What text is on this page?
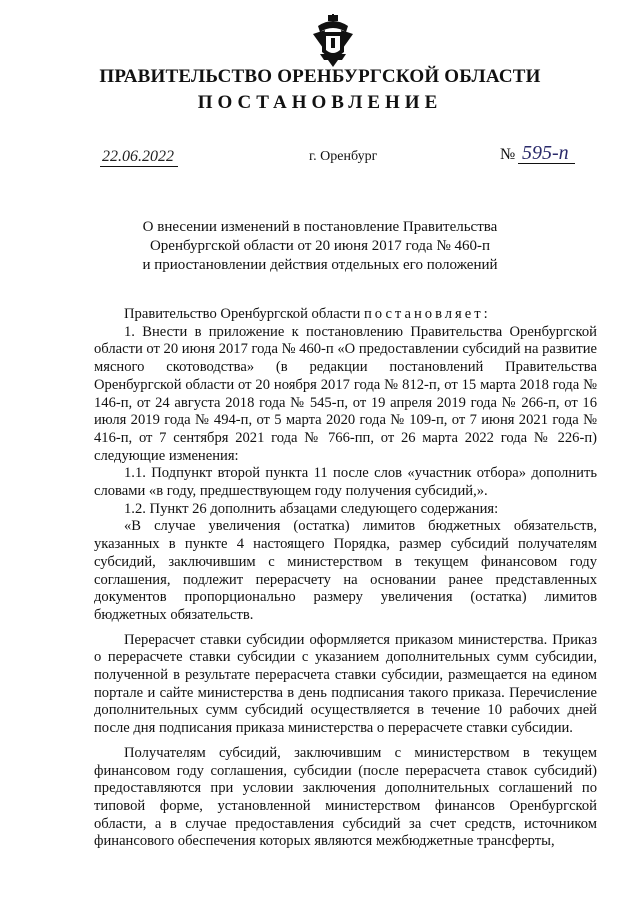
ПРАВИТЕЛЬСТВО ОРЕНБУРГСКОЙ ОБЛАСТИ
ПОСТАНОВЛЕНИЕ
22.06.2022	г. Оренбург	№ 595-п
О внесении изменений в постановление Правительства
Оренбургской области от 20 июня 2017 года № 460-п
и приостановлении действия отдельных его положений

Правительство Оренбургской области постановляет:

1. Внести в приложение к постановлению Правительства Оренбургской области от 20 июня 2017 года № 460-п «О предоставлении субсидий на развитие мясного скотоводства» (в редакции постановлений Правительства Оренбургской области от 20 ноября 2017 года № 812-п, от 15 марта 2018 года № 146-п, от 24 августа 2018 года № 545-п, от 19 апреля 2019 года № 266-п, от 16 июля 2019 года № 494-п, от 5 марта 2020 года № 109-п, от 7 июня 2021 года № 416-п, от 7 сентября 2021 года № 766-пп, от 26 марта 2022 года № 226-п) следующие изменения:

1.1. Подпункт второй пункта 11 после слов «участник отбора» дополнить словами «в году, предшествующем году получения субсидий,».

1.2. Пункт 26 дополнить абзацами следующего содержания:

«В случае увеличения (остатка) лимитов бюджетных обязательств, указанных в пункте 4 настоящего Порядка, размер субсидий получателям субсидий, заключившим с министерством в текущем финансовом году соглашения, подлежит перерасчету на основании ранее представленных документов пропорционально размеру увеличения (остатка) лимитов бюджетных обязательств.

Перерасчет ставки субсидии оформляется приказом министерства. Приказ о перерасчете ставки субсидии с указанием дополнительных сумм субсидии, полученной в результате перерасчета ставки субсидии, размещается на едином портале и сайте министерства в день подписания такого приказа. Перечисление дополнительных сумм субсидий осуществляется в течение 10 рабочих дней после дня подписания приказа министерства о перерасчете ставки субсидии.

Получателям субсидий, заключившим с министерством в текущем финансовом году соглашения, субсидии (после перерасчета ставок субсидий) предоставляются при условии заключения дополнительных соглашений по типовой форме, установленной министерством финансов Оренбургской области, а в случае предоставления субсидий за счет средств, источником финансового обеспечения которых являются межбюджетные трансферты,
